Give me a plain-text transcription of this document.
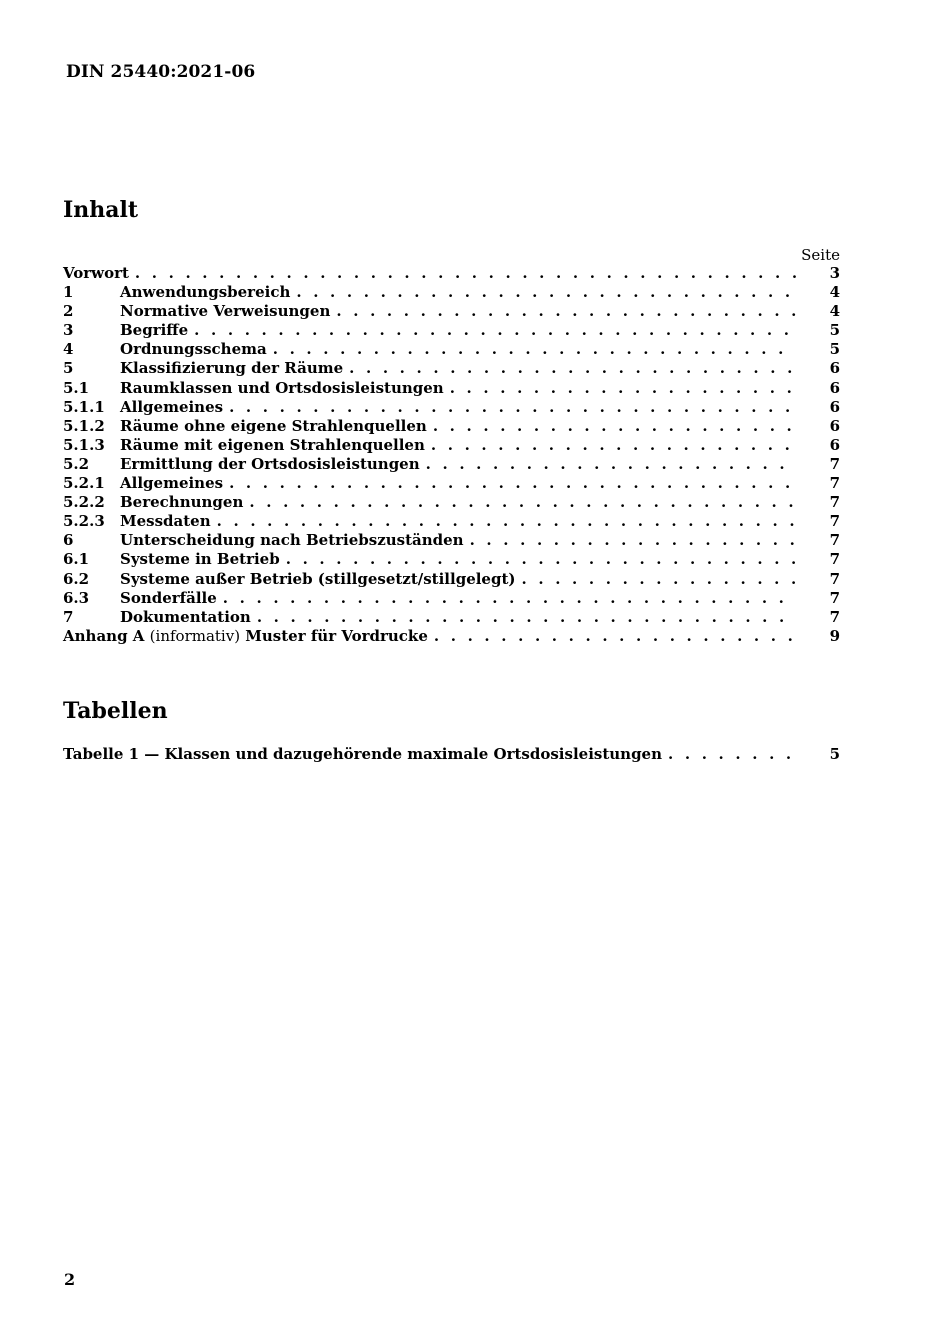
DIN 25440:2021-06
Inhalt
Seite
Vorwort . . .	3
1	Anwendungsbereich . . .	4
2	Normative Verweisungen . . .	4
3	Begriffe . . .	5
4	Ordnungsschema . . .	5
5	Klassifizierung der Räume . . .	6
5.1	Raumklassen und Ortsdosisleistungen . . .	6
5.1.1	Allgemeines . . .	6
5.1.2	Räume ohne eigene Strahlenquellen . . .	6
5.1.3	Räume mit eigenen Strahlenquellen . . .	6
5.2	Ermittlung der Ortsdosisleistungen . . .	7
5.2.1	Allgemeines . . .	7
5.2.2	Berechnungen . . .	7
5.2.3	Messdaten . . .	7
6	Unterscheidung nach Betriebszuständen . . .	7
6.1	Systeme in Betrieb . . .	7
6.2	Systeme außer Betrieb (stillgesetzt/stillgelegt) . . .	7
6.3	Sonderfälle . . .	7
7	Dokumentation . . .	7
Anhang A (informativ) Muster für Vordrucke . . .	9
Tabellen
Tabelle 1 — Klassen und dazugehörende maximale Ortsdosisleistungen . . .	5
2
